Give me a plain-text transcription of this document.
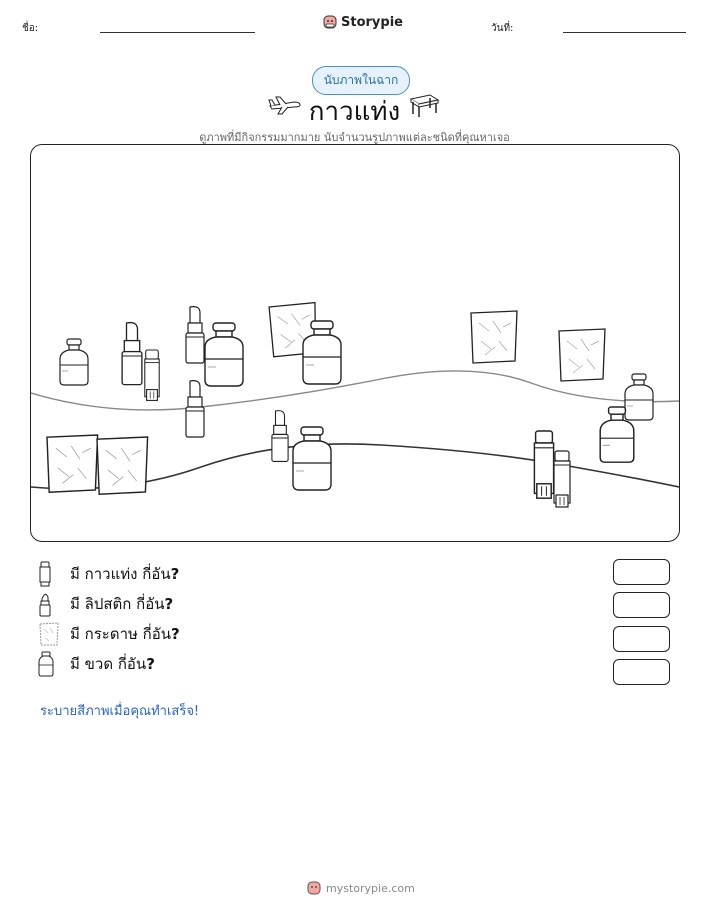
ชื่อ:	Storypie	วันที่:
นับภาพในฉาก
กาวแท่ง
ดูภาพที่มีกิจกรรมมากมาย นับจำนวนรูปภาพแต่ละชนิดที่คุณหาเจอ
มี กาวแท่ง กี่อัน?
มี ลิปสติก กี่อัน?
มี กระดาษ กี่อัน?
มี ขวด กี่อัน?
ระบายสีภาพเมื่อคุณทำเสร็จ!
mystorypie.com
